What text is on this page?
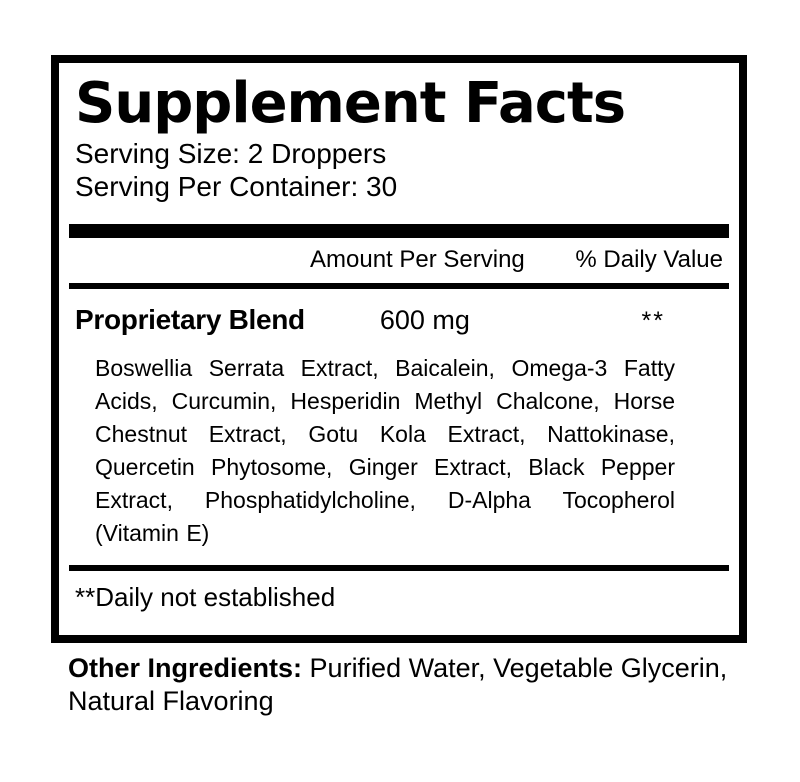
Supplement Facts
Serving Size: 2 Droppers
Serving Per Container: 30
Amount Per Serving % Daily Value
Proprietary Blend	600 mg	**
Boswellia Serrata Extract, Baicalein, Omega-3 Fatty
Acids, Curcumin, Hesperidin Methyl Chalcone, Horse
Chestnut Extract, Gotu Kola Extract, Nattokinase,
Quercetin Phytosome, Ginger Extract, Black Pepper
Extract, Phosphatidylcholine, D-Alpha Tocopherol
(Vitamin E)
**Daily not established

Other Ingredients: Purified Water, Vegetable Glycerin, Natural Flavoring
